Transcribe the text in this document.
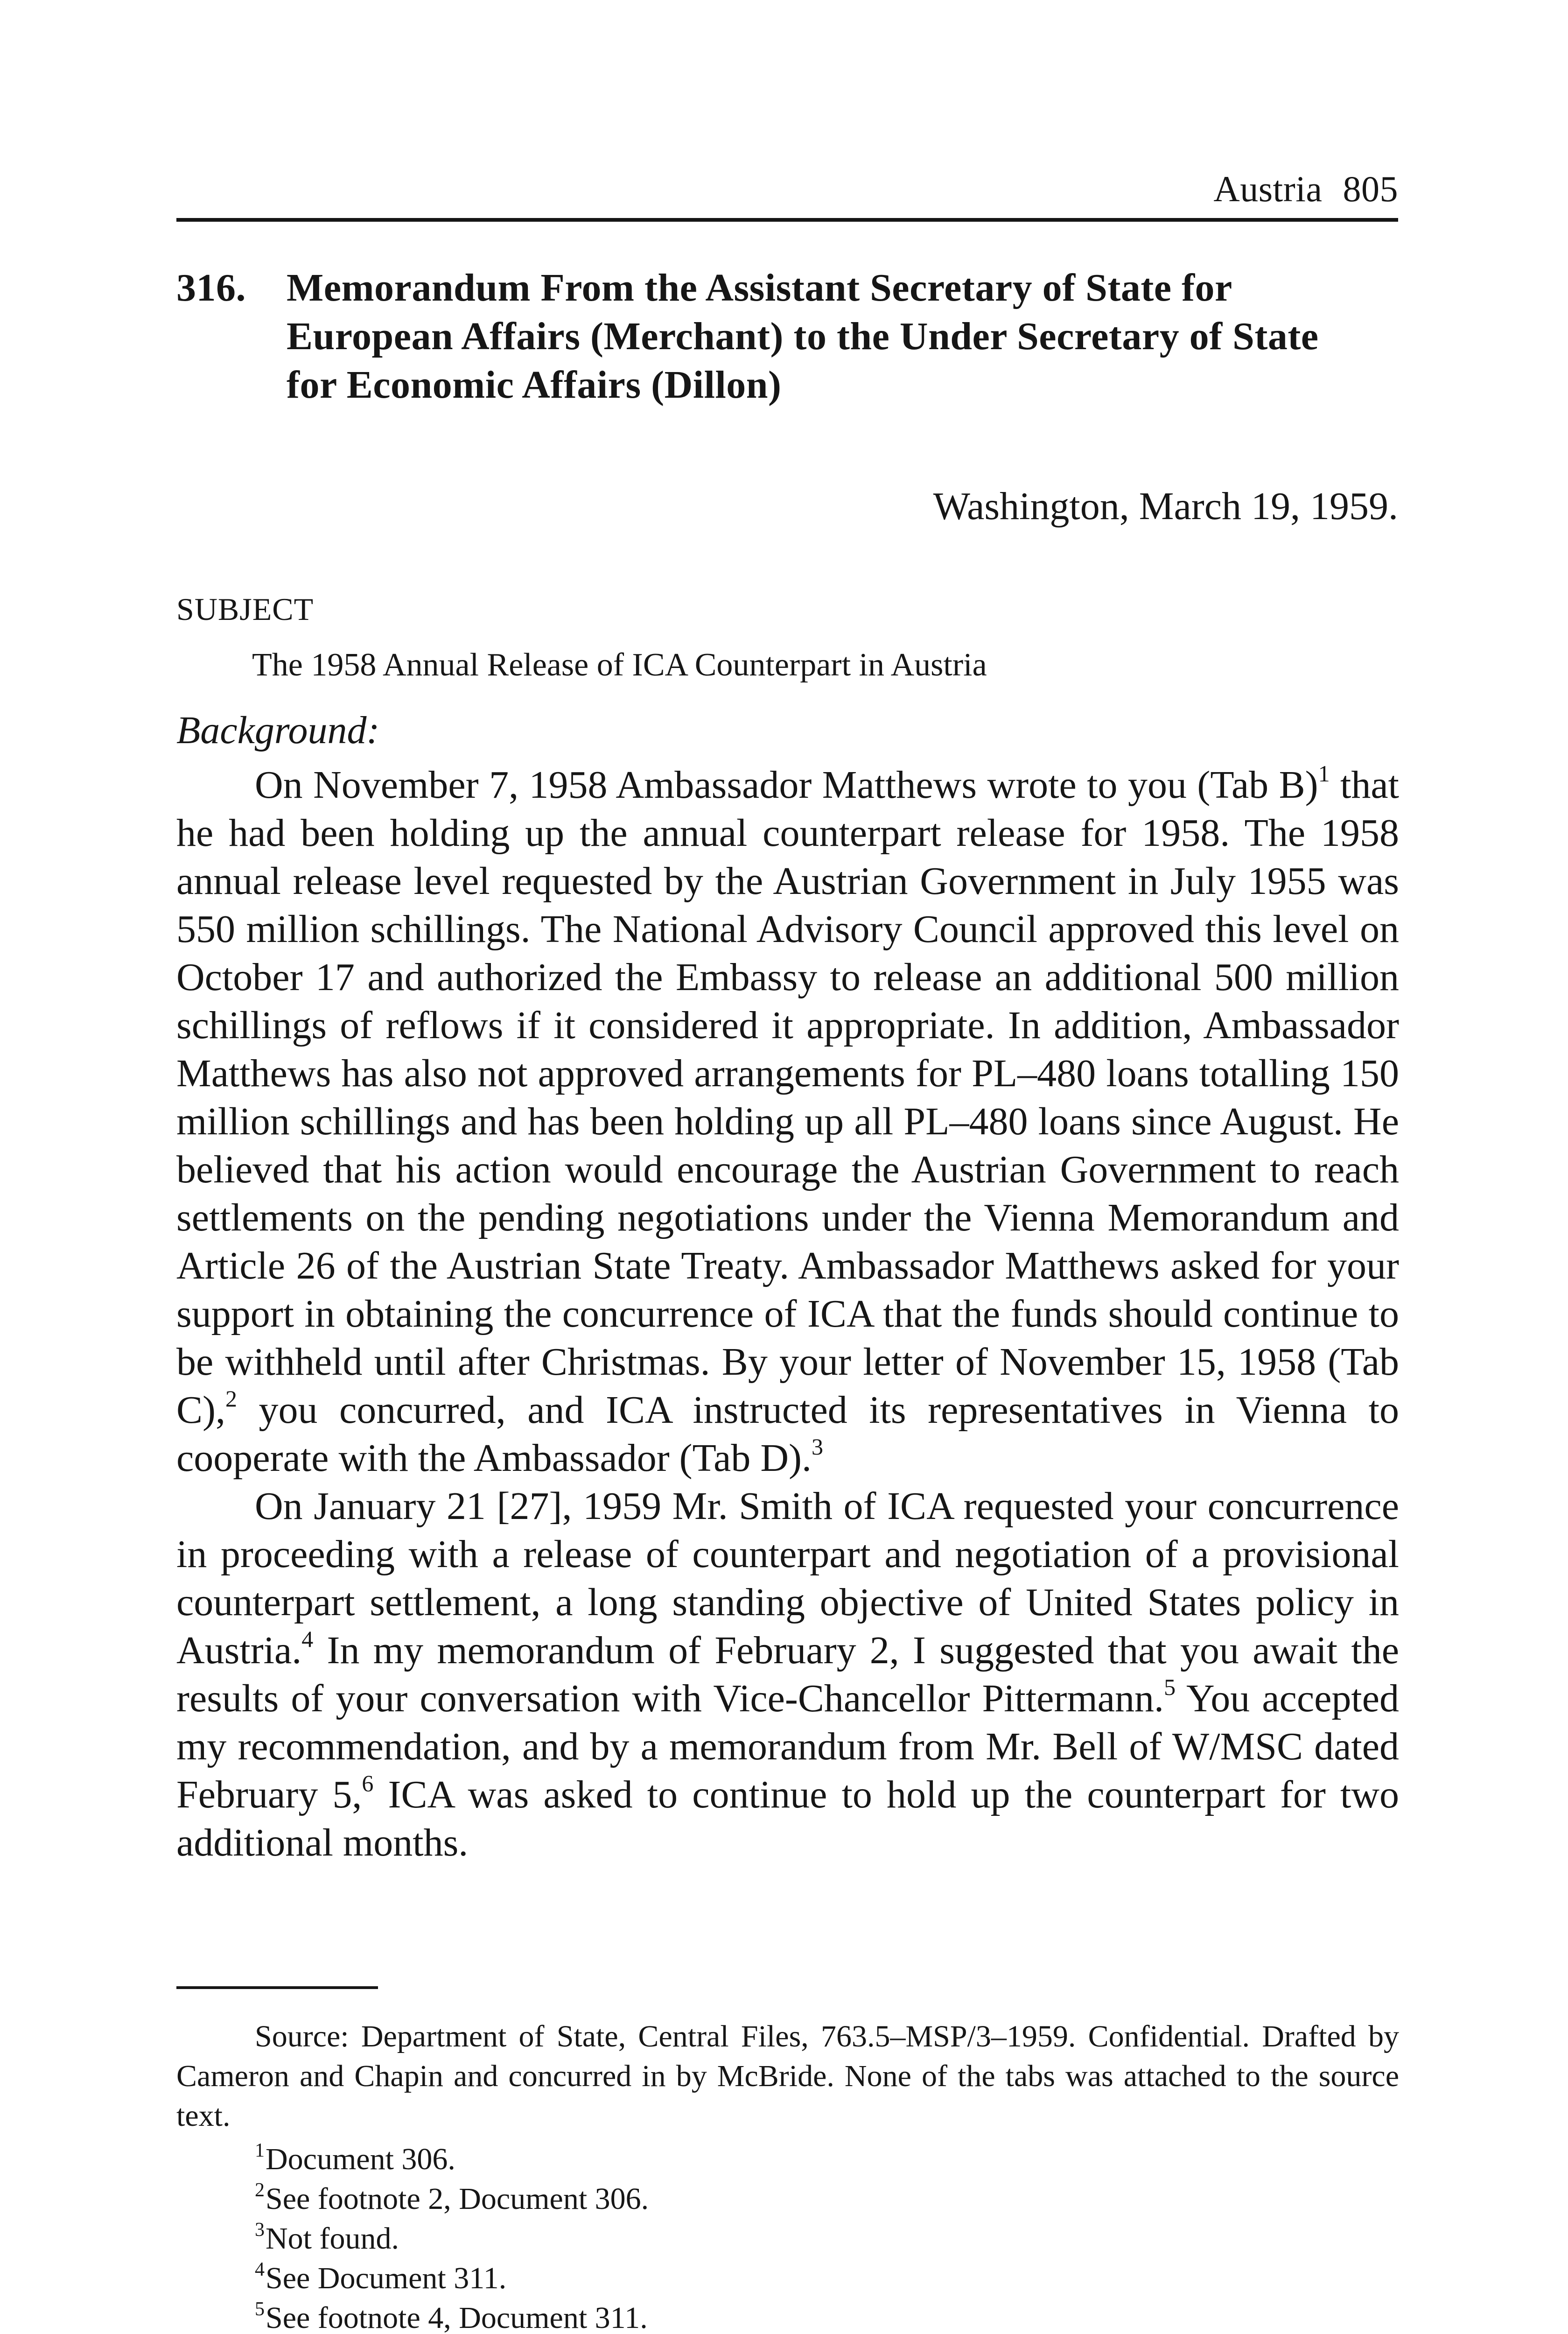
Austria 805
316. Memorandum From the Assistant Secretary of State for
European Affairs (Merchant) to the Under Secretary of State
for Economic Affairs (Dillon)
Washington, March 19, 1959.
SUBJECT
The 1958 Annual Release of ICA Counterpart in Austria
Background:

On November 7, 1958 Ambassador Matthews wrote to you (Tab B)$^1$ that he had been holding up the annual counterpart release for 1958. The 1958 annual release level requested by the Austrian Government in July 1955 was 550 million schillings. The National Advisory Council approved this level on October 17 and authorized the Embassy to release an additional 500 million schillings of reflows if it considered it appropriate. In addition, Ambassador Matthews has also not approved arrangements for PL–480 loans totalling 150 million schillings and has been holding up all PL–480 loans since August. He believed that his action would encourage the Austrian Government to reach settlements on the pending negotiations under the Vienna Memorandum and Article 26 of the Austrian State Treaty. Ambassador Matthews asked for your support in obtaining the concurrence of ICA that the funds should continue to be withheld until after Christmas. By your letter of November 15, 1958 (Tab C),$^2$ you concurred, and ICA instructed its representatives in Vienna to cooperate with the Ambassador (Tab D).$^3$

On January 21 [27], 1959 Mr. Smith of ICA requested your concurrence in proceeding with a release of counterpart and negotiation of a provisional counterpart settlement, a long standing objective of United States policy in Austria.$^4$ In my memorandum of February 2, I suggested that you await the results of your conversation with Vice-Chancellor Pittermann.$^5$ You accepted my recommendation, and by a memorandum from Mr. Bell of W/MSC dated February 5,$^6$ ICA was asked to continue to hold up the counterpart for two additional months.

Source: Department of State, Central Files, 763.5–MSP/3–1959. Confidential. Drafted by Cameron and Chapin and concurred in by McBride. None of the tabs was attached to the source text.

$^1$Document 306.
$^2$See footnote 2, Document 306.
$^3$Not found.
$^4$See Document 311.
$^5$See footnote 4, Document 311.
